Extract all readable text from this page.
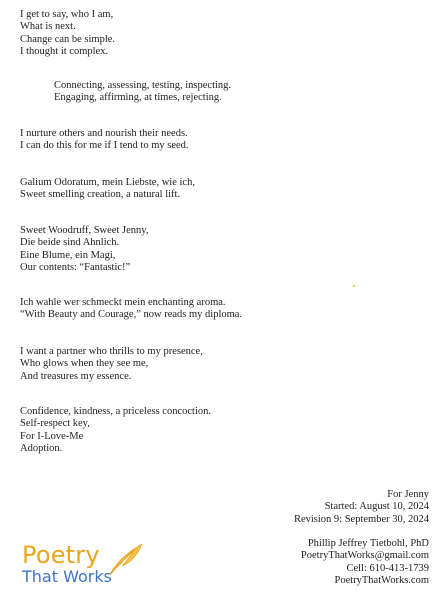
I get to say, who I am,
What is next.
Change can be simple.
I thought it complex.
Connecting, assessing, testing, inspecting.
Engaging, affirming, at times, rejecting.
I nurture others and nourish their needs.
I can do this for me if I tend to my seed.
Galium Odoratum, mein Liebste, wie ich,
Sweet smelling creation, a natural lift.
Sweet Woodruff, Sweet Jenny,
Die beide sind Ahnlich.
Eine Blume, ein Magi,
Our contents: “Fantastic!”
Ich wahle wer schmeckt mein enchanting aroma.
“With Beauty and Courage,” now reads my diploma.
I want a partner who thrills to my presence,
Who glows when they see me,
And treasures my essence.
Confidence, kindness, a priceless concoction.
Self-respect key,
For I-Love-Me
Adoption.
For Jenny
Started: August 10, 2024
Revision 9: September 30, 2024
Phillip Jeffrey Tietbohl, PhD
PoetryThatWorks@gmail.com
Cell: 610-413-1739
PoetryThatWorks.com
Poetry
That Works
